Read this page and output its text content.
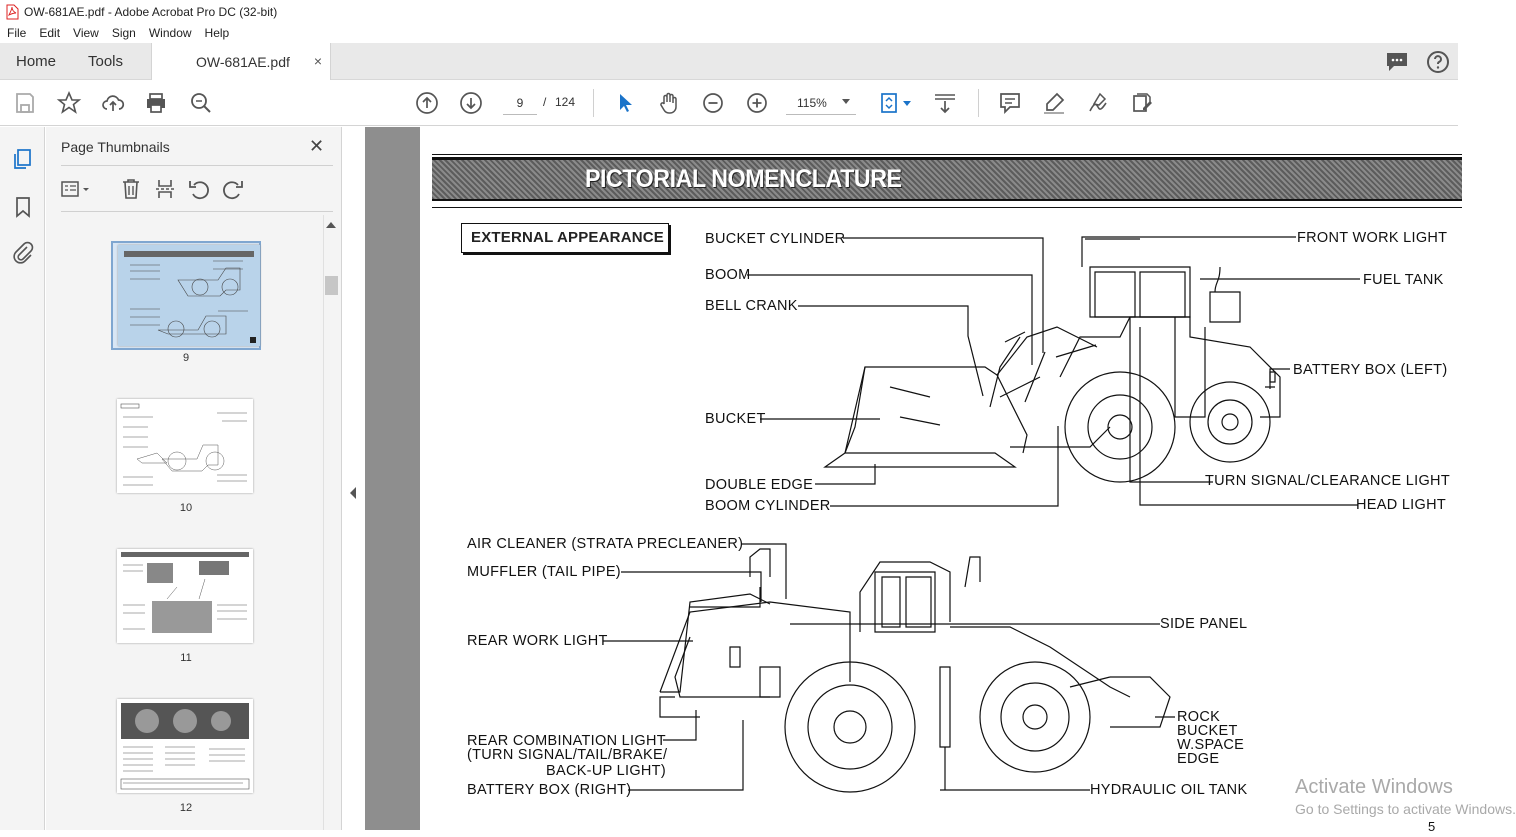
OW-681AE.pdf - Adobe Acrobat Pro DC (32-bit)
File	Edit	View	Sign	Window	Help
Home Tools	OW-681AE.pdf ×
9
/ 124	115%
Page Thumbnails	✕
9
10
11
12
PICTORIAL NOMENCLATURE
EXTERNAL APPEARANCE	BUCKET CYLINDER
BOOM
BELL CRANK
BUCKET
DOUBLE EDGE
BOOM CYLINDER
FRONT WORK LIGHT
FUEL TANK
BATTERY BOX (LEFT)
TURN SIGNAL/CLEARANCE LIGHT
HEAD LIGHT
AIR CLEANER (STRATA PRECLEANER)
MUFFLER (TAIL PIPE)
REAR WORK LIGHT
REAR COMBINATION LIGHT
(TURN SIGNAL/TAIL/BRAKE/
BACK-UP LIGHT)
BATTERY BOX (RIGHT)
SIDE PANEL
ROCK
BUCKET
W.SPACE
EDGE
HYDRAULIC OIL TANK
5
Activate Windows
Go to Settings to activate Windows.
